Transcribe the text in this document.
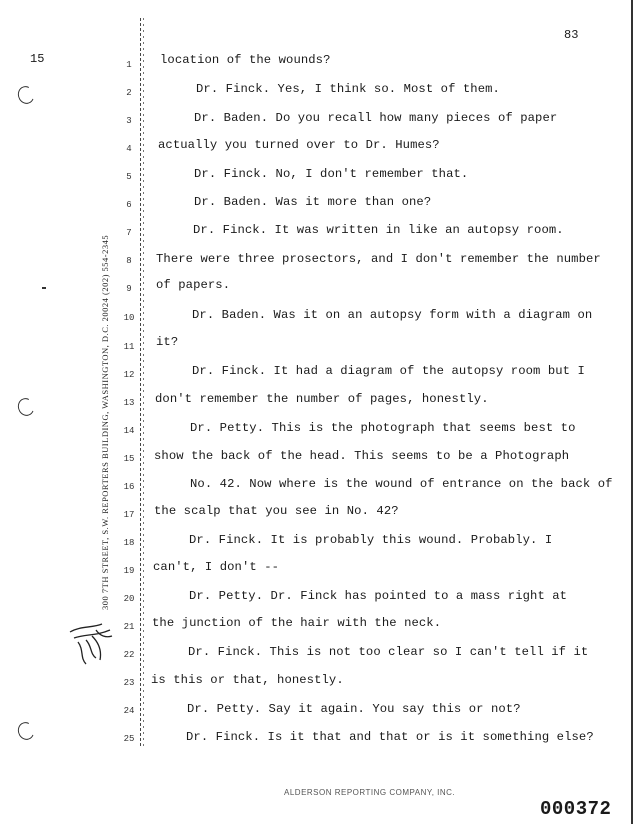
83
15
300 7TH STREET, S.W. REPORTERS BUILDING, WASHINGTON, D.C. 20024 (202) 554-2345
1
2
3
4
5
6
7
8
9
10
11
12
13
14
15
16
17
18
19
20
21
22
23
24
25
location of the wounds?
Dr. Finck. Yes, I think so. Most of them.
Dr. Baden. Do you recall how many pieces of paper
actually you turned over to Dr. Humes?
Dr. Finck. No, I don't remember that.
Dr. Baden. Was it more than one?
Dr. Finck. It was written in like an autopsy room.
There were three prosectors, and I don't remember the number
of papers.
Dr. Baden. Was it on an autopsy form with a diagram on
it?
Dr. Finck. It had a diagram of the autopsy room but I
don't remember the number of pages, honestly.
Dr. Petty. This is the photograph that seems best to
show the back of the head. This seems to be a Photograph
No. 42. Now where is the wound of entrance on the back of
the scalp that you see in No. 42?
Dr. Finck. It is probably this wound. Probably. I
can't, I don't --
Dr. Petty. Dr. Finck has pointed to a mass right at
the junction of the hair with the neck.
Dr. Finck. This is not too clear so I can't tell if it
is this or that, honestly.
Dr. Petty. Say it again. You say this or not?
Dr. Finck. Is it that and that or is it something else?
ALDERSON REPORTING COMPANY, INC.
000372
